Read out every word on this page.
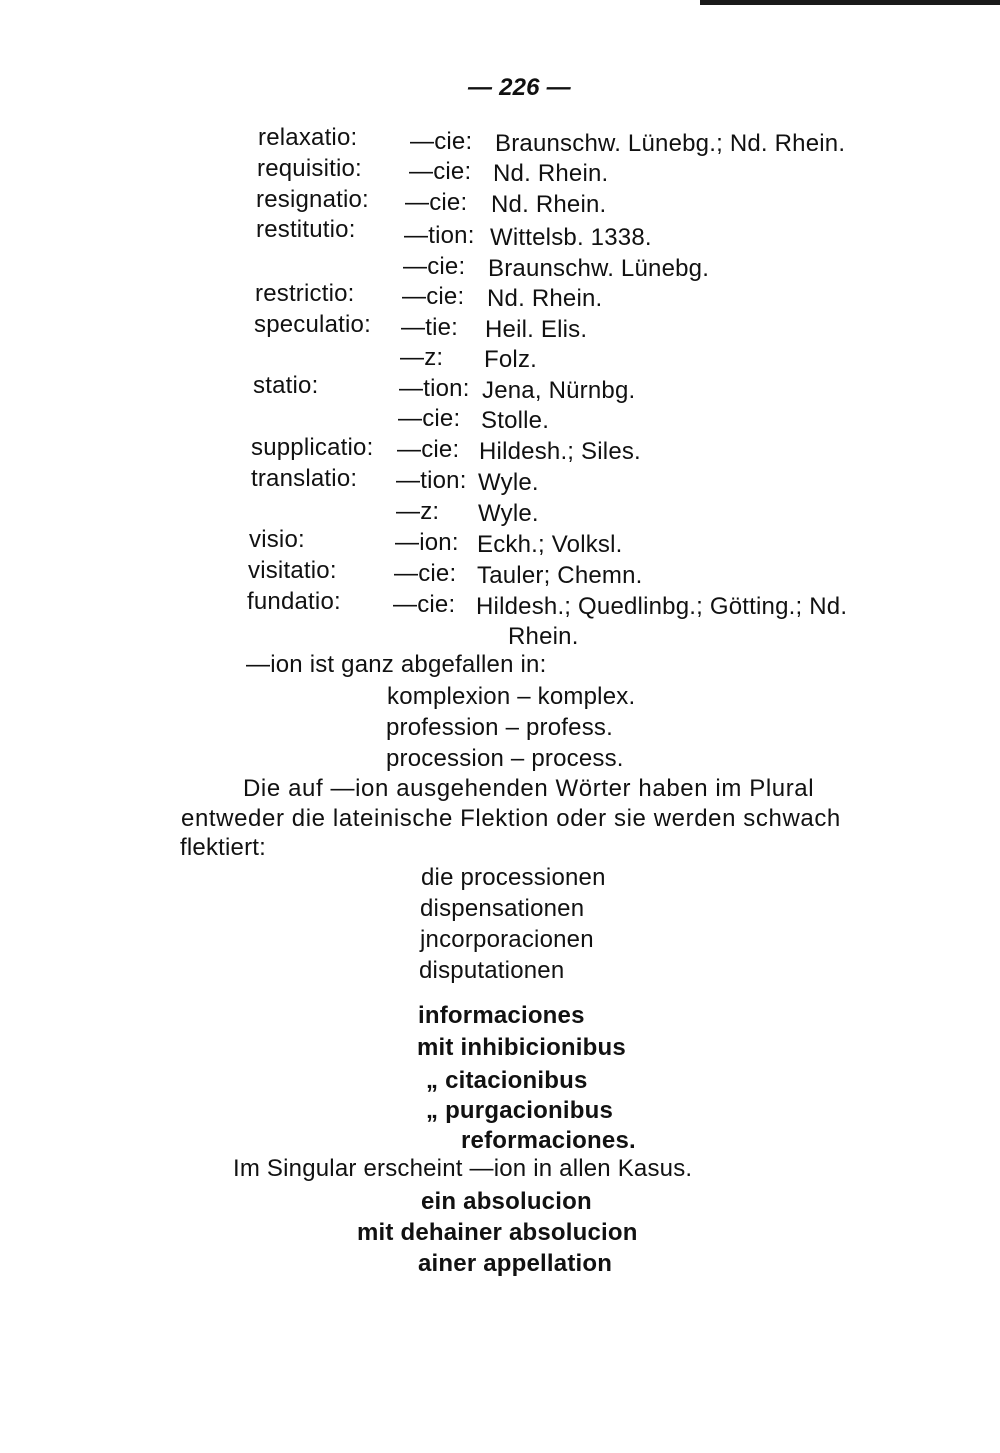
— 226 —
relaxatio: —cie: Braunschw. Lünebg.; Nd. Rhein.
requisitio: —cie: Nd. Rhein.
resignatio: —cie: Nd. Rhein.
restitutio: —tion: Wittelsb. 1338.
—cie: Braunschw. Lünebg.
restrictio: —cie: Nd. Rhein.
speculatio: —tie: Heil. Elis.
—z: Folz.
statio:	—tion: Jena, Nürnbg.
—cie: Stolle.
supplicatio: —cie: Hildesh.; Siles.
translatio: —tion: Wyle.
—z: Wyle.
visio:	—ion: Eckh.; Volksl.
visitatio: —cie: Tauler; Chemn.
fundatio: —cie: Hildesh.; Quedlinbg.; Götting.; Nd.
Rhein.
—ion ist ganz abgefallen in:
komplexion – komplex.
profession – profess.
procession – process.
Die auf —ion ausgehenden Wörter haben im Plural
entweder die lateinische Flektion oder sie werden schwach
flektiert:
die processionen
dispensationen
jncorporacionen
disputationen
informaciones
mit inhibicionibus
„ citacionibus
„ purgacionibus
reformaciones.
Im Singular erscheint —ion in allen Kasus.
ein absolucion
mit dehainer absolucion
ainer appellation
